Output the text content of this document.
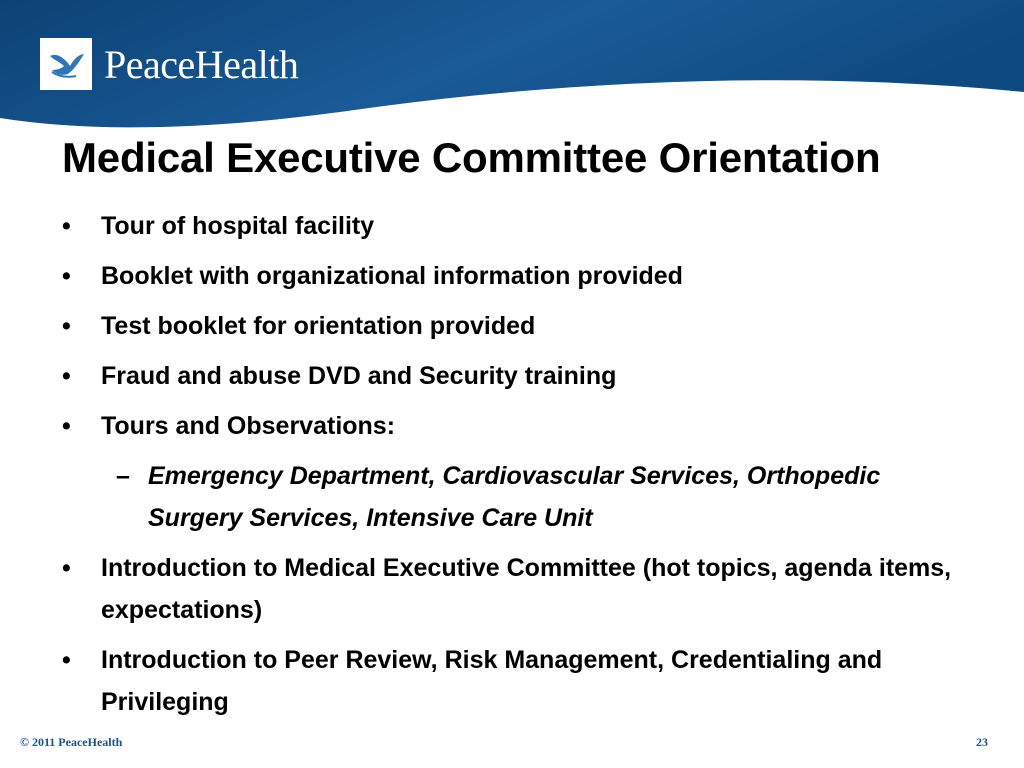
PeaceHealth
Medical Executive Committee Orientation
• Tour of hospital facility
• Booklet with organizational information provided
• Test booklet for orientation provided
• Fraud and abuse DVD and Security training
• Tours and Observations:
– Emergency Department, Cardiovascular Services, Orthopedic Surgery Services, Intensive Care Unit
• Introduction to Medical Executive Committee (hot topics, agenda items, expectations)
• Introduction to Peer Review, Risk Management, Credentialing and Privileging
© 2011 PeaceHealth	23
